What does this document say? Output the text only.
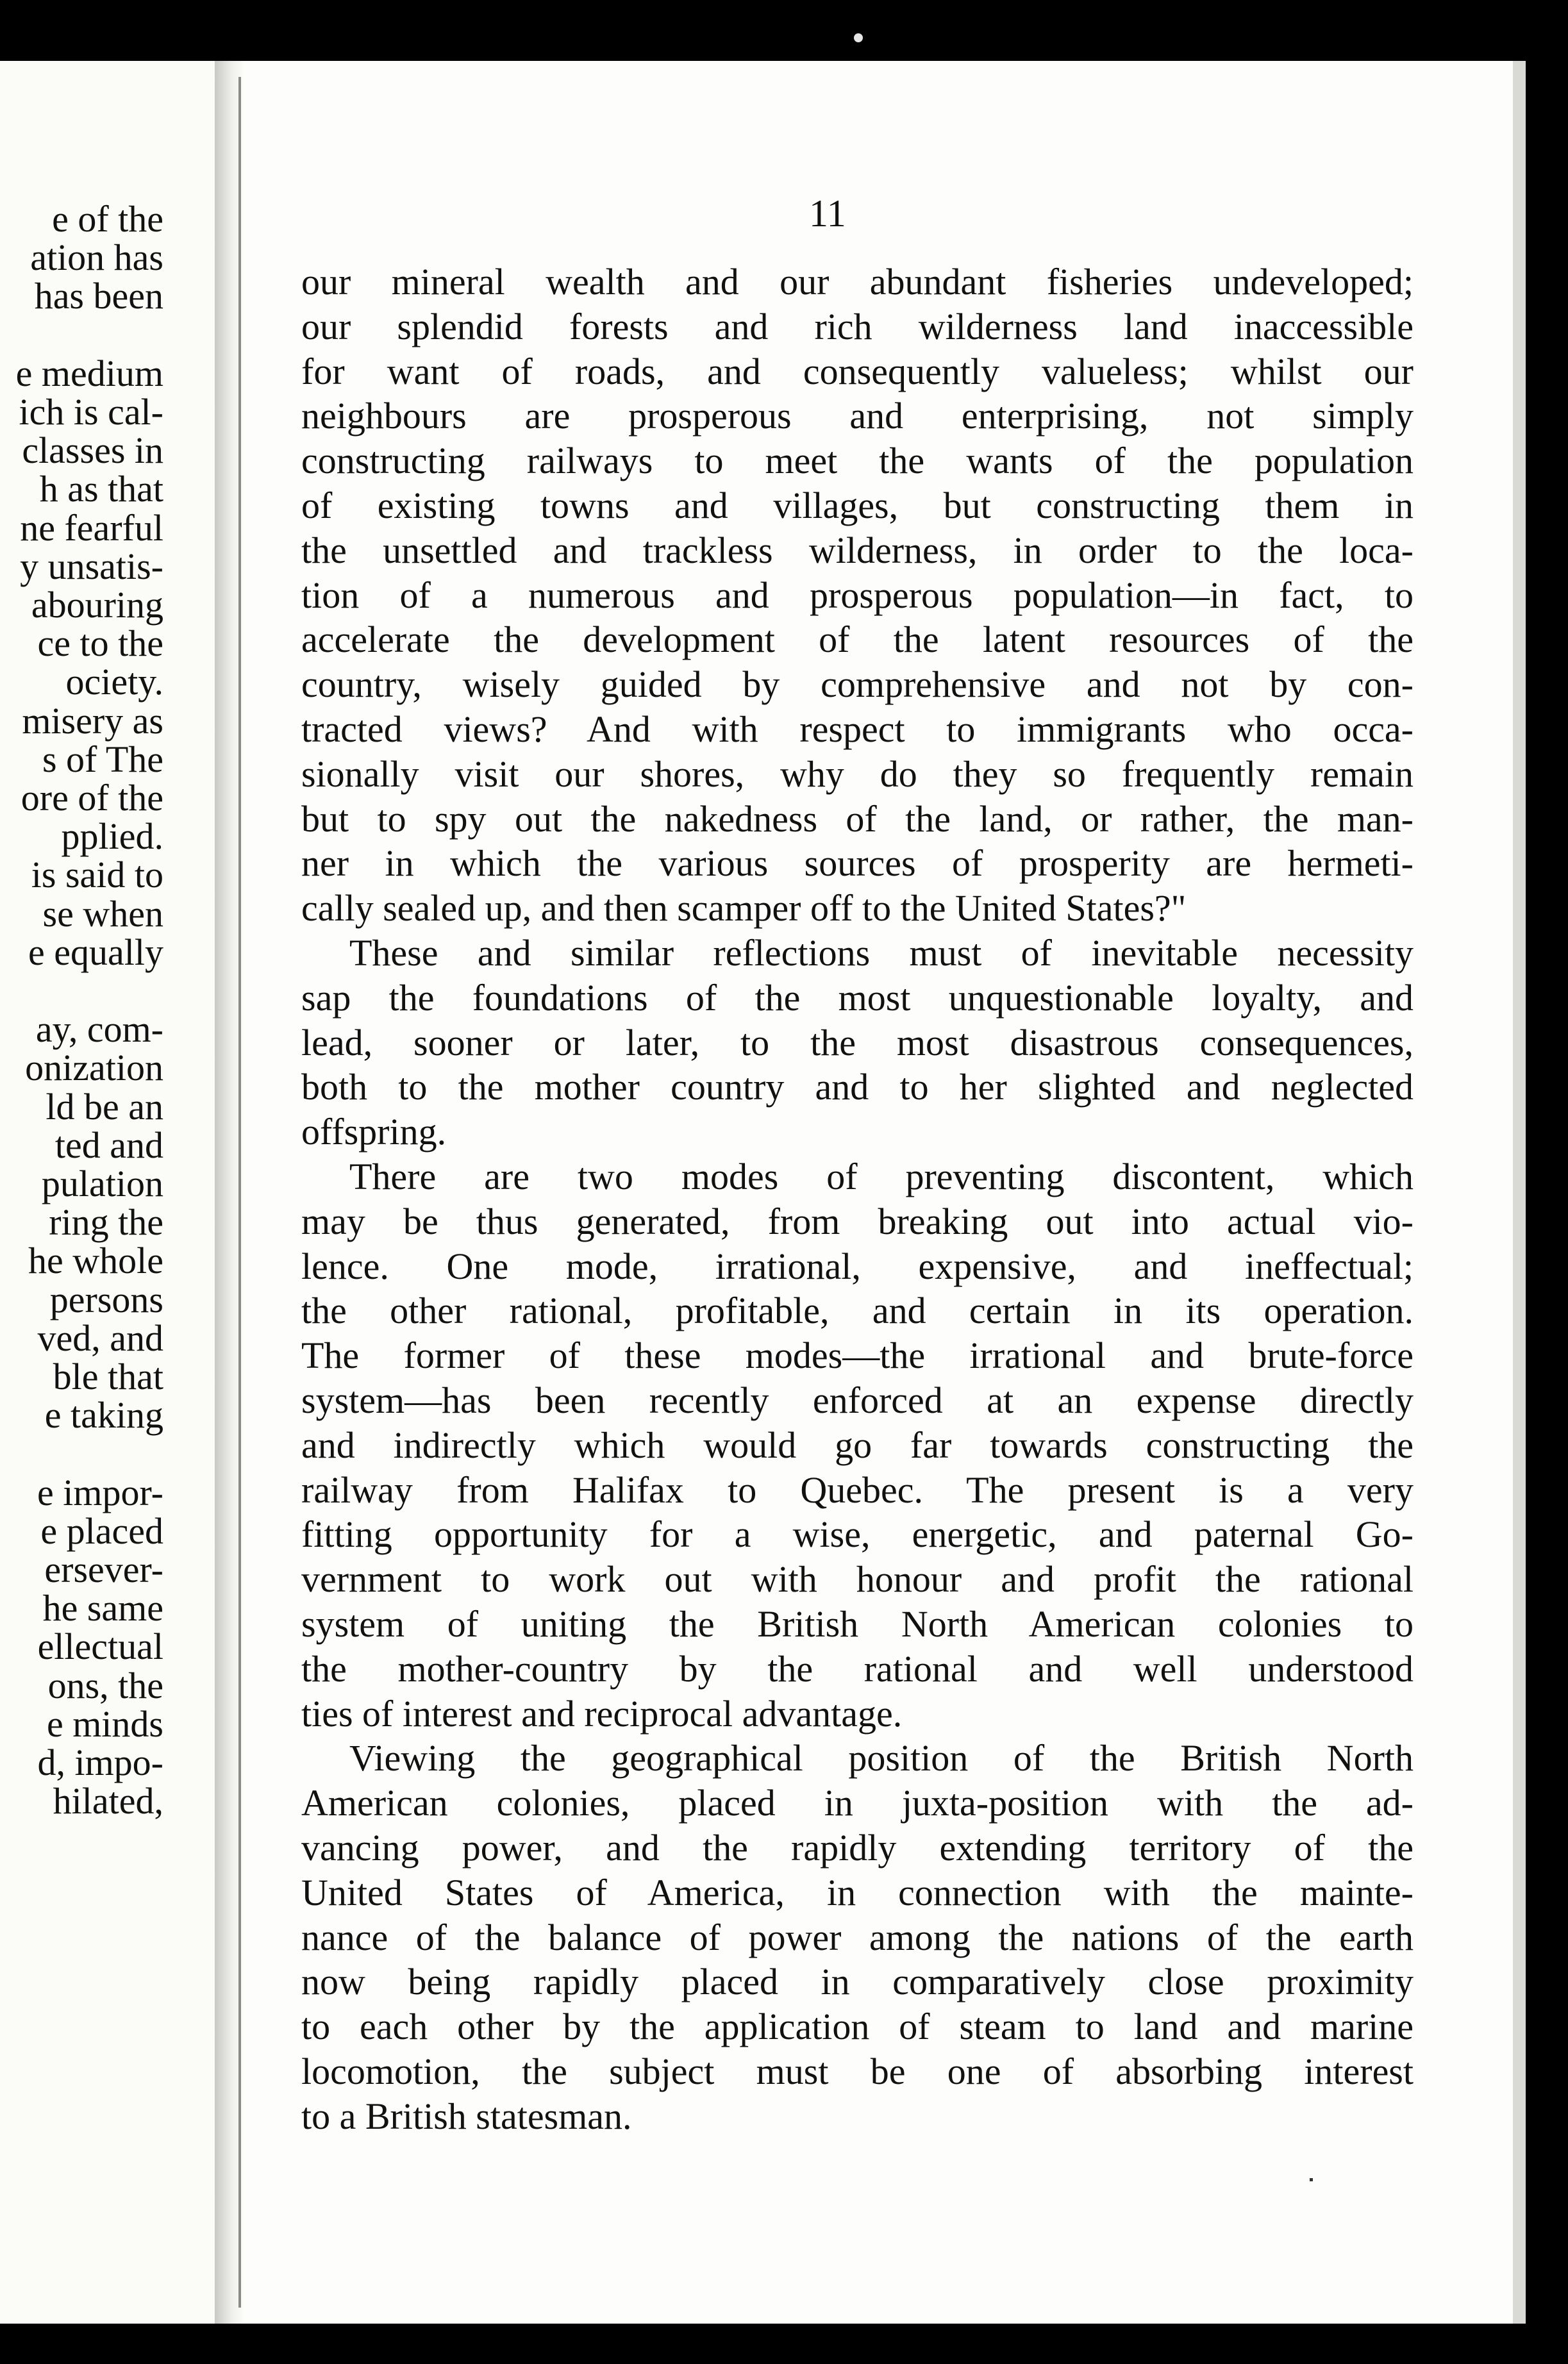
e of the
ation has
has been
e medium
ich is cal-
classes in
h as that
ne fearful
y unsatis-
abouring
ce to the
ociety.
misery as
s of The
ore of the
pplied.
is said to
se when
e equally
ay, com-
onization
ld be an
ted and
pulation
ring the
he whole
persons
ved, and
ble that
e taking
e impor-
e placed
ersever-
he same
ellectual
ons, the
e minds
d, impo-
hilated,
11
our mineral wealth and our abundant fisheries undeveloped;
our splendid forests and rich wilderness land inaccessible
for want of roads, and consequently valueless; whilst our
neighbours are prosperous and enterprising, not simply
constructing railways to meet the wants of the population
of existing towns and villages, but constructing them in
the unsettled and trackless wilderness, in order to the loca-
tion of a numerous and prosperous population—in fact, to
accelerate the development of the latent resources of the
country, wisely guided by comprehensive and not by con-
tracted views? And with respect to immigrants who occa-
sionally visit our shores, why do they so frequently remain
but to spy out the nakedness of the land, or rather, the man-
ner in which the various sources of prosperity are hermeti-
cally sealed up, and then scamper off to the United States?"
These and similar reflections must of inevitable necessity
sap the foundations of the most unquestionable loyalty, and
lead, sooner or later, to the most disastrous consequences,
both to the mother country and to her slighted and neglected
offspring.
There are two modes of preventing discontent, which
may be thus generated, from breaking out into actual vio-
lence. One mode, irrational, expensive, and ineffectual;
the other rational, profitable, and certain in its operation.
The former of these modes—the irrational and brute-force
system—has been recently enforced at an expense directly
and indirectly which would go far towards constructing the
railway from Halifax to Quebec. The present is a very
fitting opportunity for a wise, energetic, and paternal Go-
vernment to work out with honour and profit the rational
system of uniting the British North American colonies to
the mother-country by the rational and well understood
ties of interest and reciprocal advantage.
Viewing the geographical position of the British North
American colonies, placed in juxta-position with the ad-
vancing power, and the rapidly extending territory of the
United States of America, in connection with the mainte-
nance of the balance of power among the nations of the earth
now being rapidly placed in comparatively close proximity
to each other by the application of steam to land and marine
locomotion, the subject must be one of absorbing interest
to a British statesman.
